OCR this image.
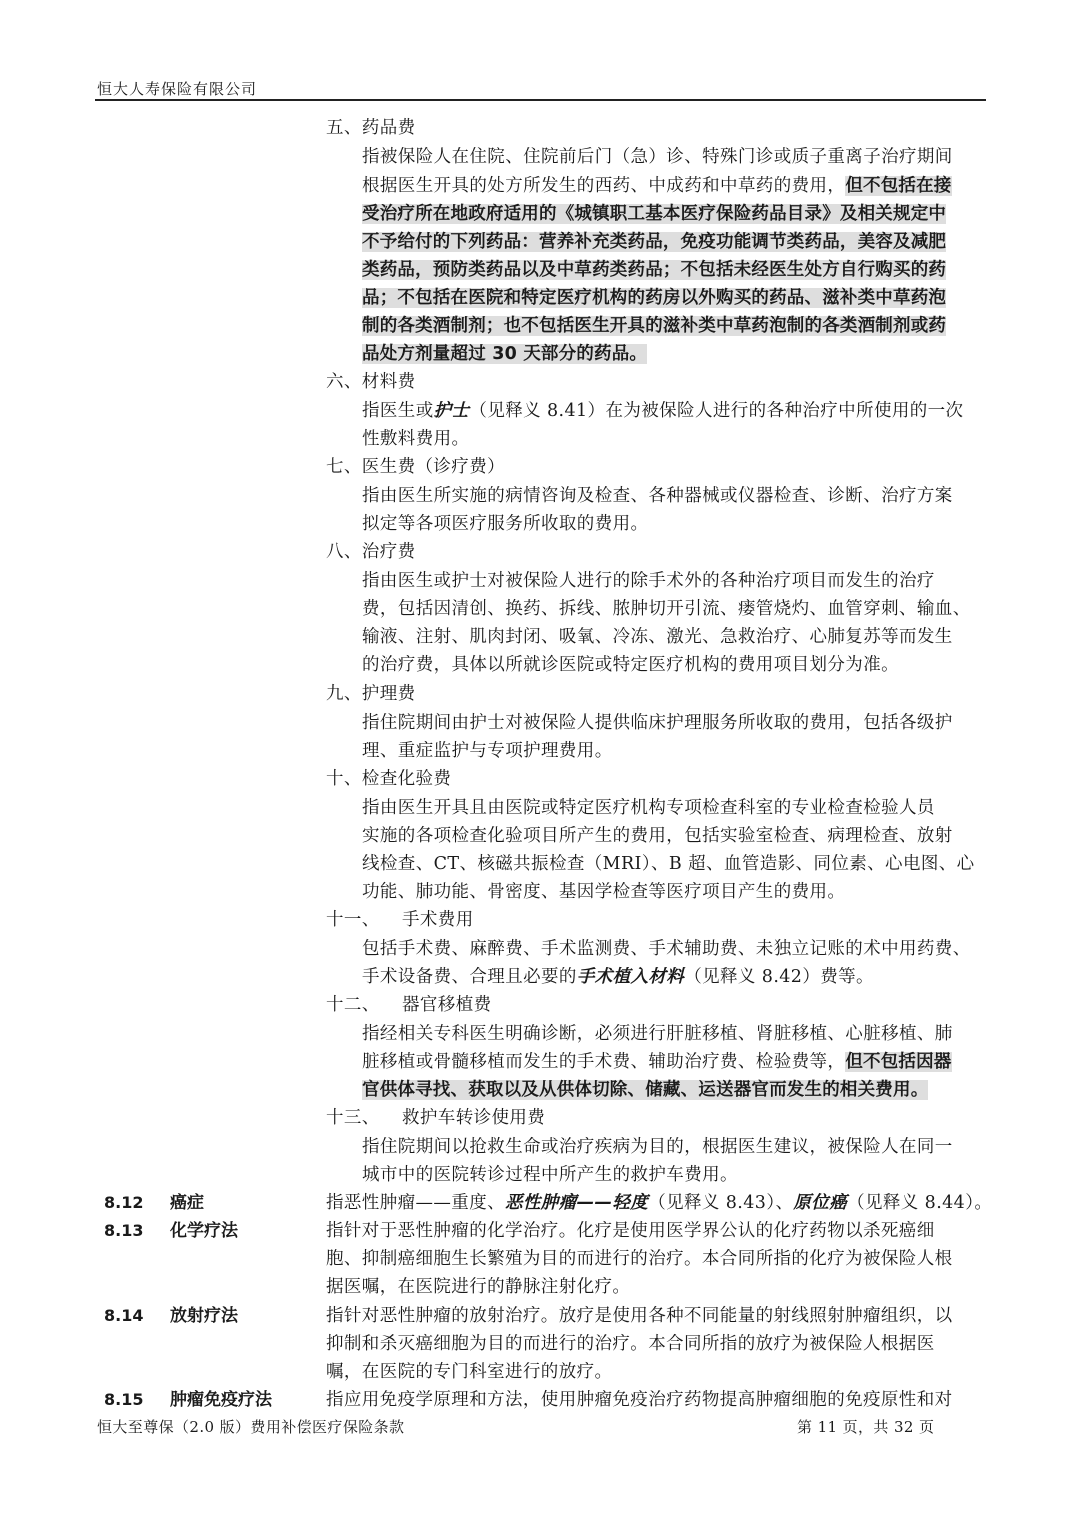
恒大人寿保险有限公司
五、药品费
指被保险人在住院、住院前后门（急）诊、特殊门诊或质子重离子治疗期间
根据医生开具的处方所发生的西药、中成药和中草药的费用，但不包括在接
受治疗所在地政府适用的《城镇职工基本医疗保险药品目录》及相关规定中
不予给付的下列药品：营养补充类药品，免疫功能调节类药品，美容及减肥
类药品，预防类药品以及中草药类药品；不包括未经医生处方自行购买的药
品；不包括在医院和特定医疗机构的药房以外购买的药品、滋补类中草药泡
制的各类酒制剂；也不包括医生开具的滋补类中草药泡制的各类酒制剂或药
品处方剂量超过 30 天部分的药品。
六、材料费
指医生或护士（见释义 8.41）在为被保险人进行的各种治疗中所使用的一次
性敷料费用。
七、医生费（诊疗费）
指由医生所实施的病情咨询及检查、各种器械或仪器检查、诊断、治疗方案
拟定等各项医疗服务所收取的费用。
八、治疗费
指由医生或护士对被保险人进行的除手术外的各种治疗项目而发生的治疗
费，包括因清创、换药、拆线、脓肿切开引流、瘘管烧灼、血管穿刺、输血、
输液、注射、肌肉封闭、吸氧、冷冻、激光、急救治疗、心肺复苏等而发生
的治疗费，具体以所就诊医院或特定医疗机构的费用项目划分为准。
九、护理费
指住院期间由护士对被保险人提供临床护理服务所收取的费用，包括各级护
理、重症监护与专项护理费用。
十、检查化验费
指由医生开具且由医院或特定医疗机构专项检查科室的专业检查检验人员
实施的各项检查化验项目所产生的费用，包括实验室检查、病理检查、放射
线检查、CT、核磁共振检查（MRI）、B 超、血管造影、同位素、心电图、心
功能、肺功能、骨密度、基因学检查等医疗项目产生的费用。
十一、 手术费用
包括手术费、麻醉费、手术监测费、手术辅助费、未独立记账的术中用药费、
手术设备费、合理且必要的手术植入材料（见释义 8.42）费等。
十二、 器官移植费
指经相关专科医生明确诊断，必须进行肝脏移植、肾脏移植、心脏移植、肺
脏移植或骨髓移植而发生的手术费、辅助治疗费、检验费等，但不包括因器
官供体寻找、获取以及从供体切除、储藏、运送器官而发生的相关费用。
十三、 救护车转诊使用费
指住院期间以抢救生命或治疗疾病为目的，根据医生建议，被保险人在同一
城市中的医院转诊过程中所产生的救护车费用。
8.12 癌症	指恶性肿瘤——重度、恶性肿瘤——轻度（见释义 8.43）、原位癌（见释义 8.44）。
8.13 化学疗法	指针对于恶性肿瘤的化学治疗。化疗是使用医学界公认的化疗药物以杀死癌细
胞、抑制癌细胞生长繁殖为目的而进行的治疗。本合同所指的化疗为被保险人根
据医嘱，在医院进行的静脉注射化疗。
8.14 放射疗法	指针对恶性肿瘤的放射治疗。放疗是使用各种不同能量的射线照射肿瘤组织，以
抑制和杀灭癌细胞为目的而进行的治疗。本合同所指的放疗为被保险人根据医
嘱，在医院的专门科室进行的放疗。
8.15 肿瘤免疫疗法	指应用免疫学原理和方法，使用肿瘤免疫治疗药物提高肿瘤细胞的免疫原性和对
恒大至尊保（2.0 版）费用补偿医疗保险条款	第 11 页，共 32 页
